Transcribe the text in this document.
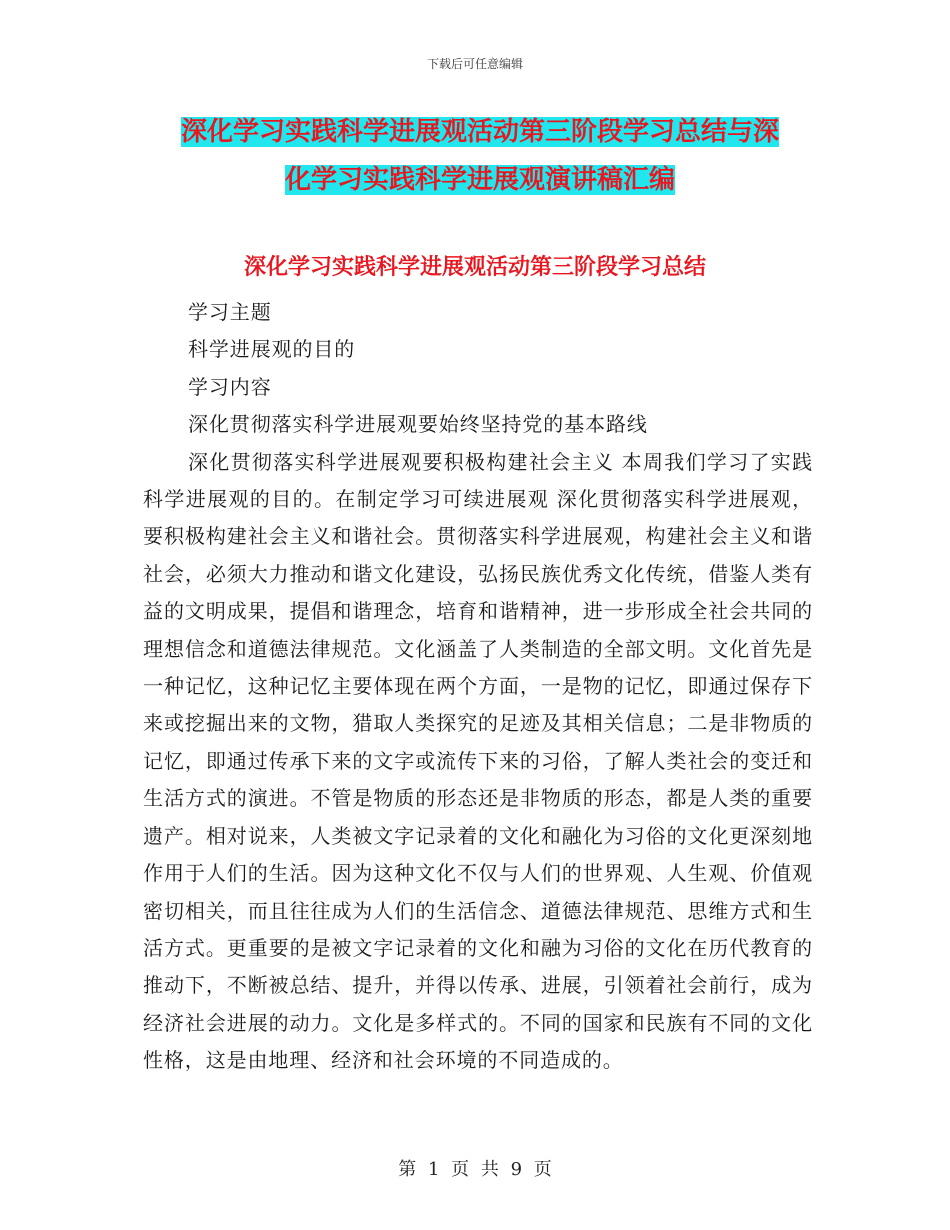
下载后可任意编辑
深化学习实践科学进展观活动第三阶段学习总结与深
化学习实践科学进展观演讲稿汇编
深化学习实践科学进展观活动第三阶段学习总结
学习主题
科学进展观的目的
学习内容
深化贯彻落实科学进展观要始终坚持党的基本路线
深化贯彻落实科学进展观要积极构建社会主义 本周我们学习了实践科学进展观的目的。在制定学习可续进展观 深化贯彻落实科学进展观，要积极构建社会主义和谐社会。贯彻落实科学进展观，构建社会主义和谐社会，必须大力推动和谐文化建设，弘扬民族优秀文化传统，借鉴人类有益的文明成果，提倡和谐理念，培育和谐精神，进一步形成全社会共同的理想信念和道德法律规范。文化涵盖了人类制造的全部文明。文化首先是一种记忆，这种记忆主要体现在两个方面，一是物的记忆，即通过保存下来或挖掘出来的文物，猎取人类探究的足迹及其相关信息；二是非物质的记忆，即通过传承下来的文字或流传下来的习俗，了解人类社会的变迁和生活方式的演进。不管是物质的形态还是非物质的形态，都是人类的重要遗产。相对说来，人类被文字记录着的文化和融化为习俗的文化更深刻地作用于人们的生活。因为这种文化不仅与人们的世界观、人生观、价值观密切相关，而且往往成为人们的生活信念、道德法律规范、思维方式和生活方式。更重要的是被文字记录着的文化和融为习俗的文化在历代教育的推动下，不断被总结、提升，并得以传承、进展，引领着社会前行，成为经济社会进展的动力。文化是多样式的。不同的国家和民族有不同的文化性格，这是由地理、经济和社会环境的不同造成的。
第 1 页 共 9 页
